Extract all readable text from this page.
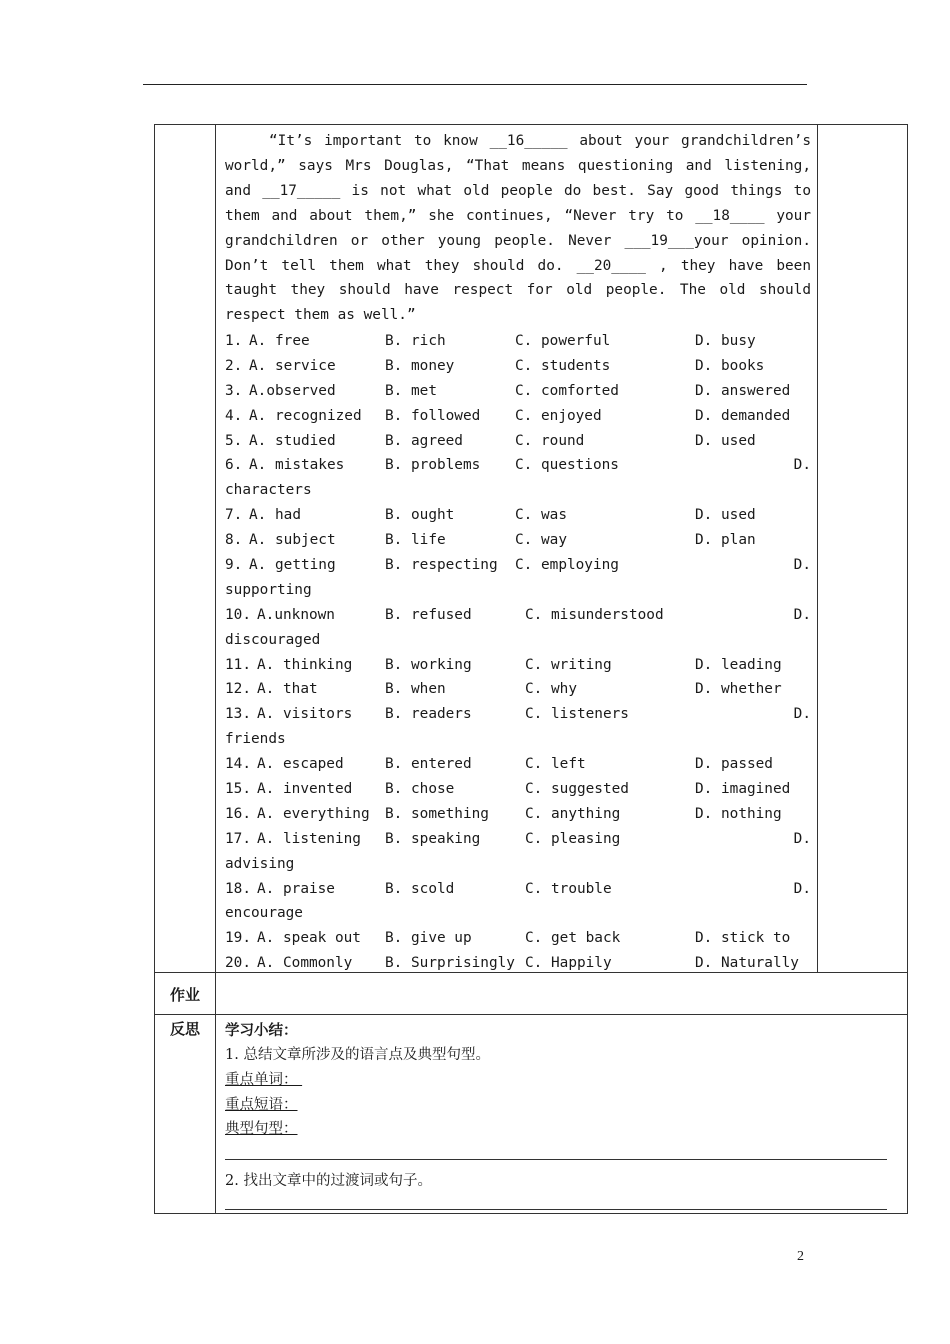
“It’s important to know __16_____ about your grandchildren’s world,” says Mrs Douglas, “That means questioning and listening, and __17_____ is not what old people do best. Say good things to them and about them,” she continues, “Never try to __18____ your grandchildren or other young people. Never ___19___your opinion. Don’t tell them what they should do. __20____ , they have been taught they should have respect for old people. The old should respect them as well.”

1. A. free	B. rich	C. powerful	D. busy
2. A. service	B. money	C. students	D. books
3. A.observed	B. met	C. comforted	D. answered
4. A. recognized B. followed C. enjoyed	D. demanded
5. A. studied	B. agreed	C. round	D. used
6. A. mistakes	B. problems C. questions	D.
characters
7. A. had	B. ought	C. was	D. used
8. A. subject	B. life	C. way	D. plan
9. A. getting	B. respecting C. employing	D.
supporting
10. A.unknown	B. refused	C. misunderstood	D.
discouraged
11. A. thinking B. working	C. writing	D. leading
12. A. that	B. when	C. why	D. whether
13. A. visitors B. readers	C. listeners	D.
friends
14. A. escaped	B. entered	C. left	D. passed
15. A. invented B. chose	C. suggested	D. imagined
16. A. everything B. something	C. anything	D. nothing
17. A. listening B. speaking	C. pleasing	D.
advising
18. A. praise	B. scold	C. trouble	D.
encourage
19. A. speak out B. give up	C. get back	D. stick to
20. A. Commonly B. Surprisingly C. Happily	D. Naturally
作业
反思	学习小结：
1. 总结文章所涉及的语言点及典型句型。
重点单词：
重点短语：
典型句型：
2. 找出文章中的过渡词或句子。
2
